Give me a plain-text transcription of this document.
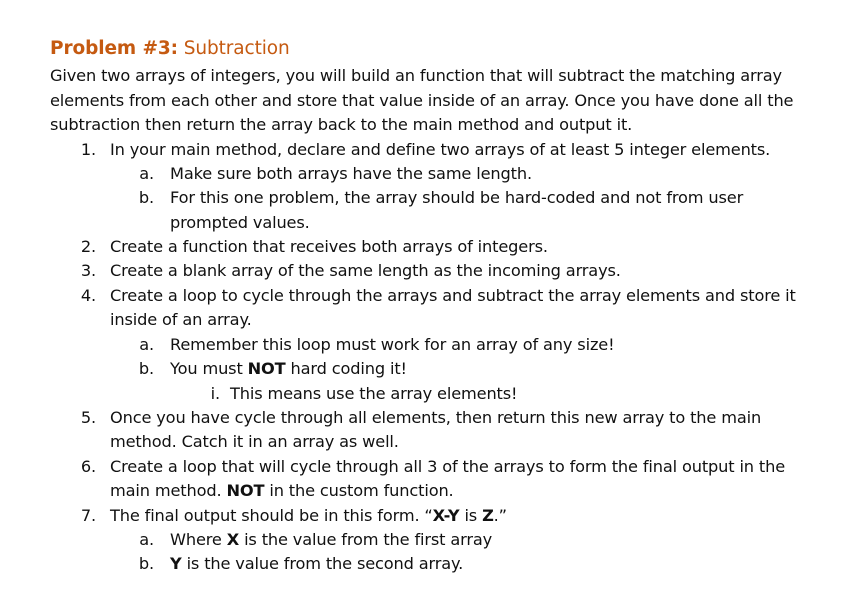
Problem #3: Subtraction
Given two arrays of integers, you will build an function that will subtract the matching array
elements from each other and store that value inside of an array. Once you have done all the
subtraction then return the array back to the main method and output it.
1. In your main method, declare and define two arrays of at least 5 integer elements.
a. Make sure both arrays have the same length.
b. For this one problem, the array should be hard-coded and not from user
prompted values.
2. Create a function that receives both arrays of integers.
3. Create a blank array of the same length as the incoming arrays.
4. Create a loop to cycle through the arrays and subtract the array elements and store it
inside of an array.
a. Remember this loop must work for an array of any size!
b. You must NOT hard coding it!
i. This means use the array elements!
5. Once you have cycle through all elements, then return this new array to the main
method. Catch it in an array as well.
6. Create a loop that will cycle through all 3 of the arrays to form the final output in the
main method. NOT in the custom function.
7. The final output should be in this form. “X-Y is Z.”
a. Where X is the value from the first array
b. Y is the value from the second array.
